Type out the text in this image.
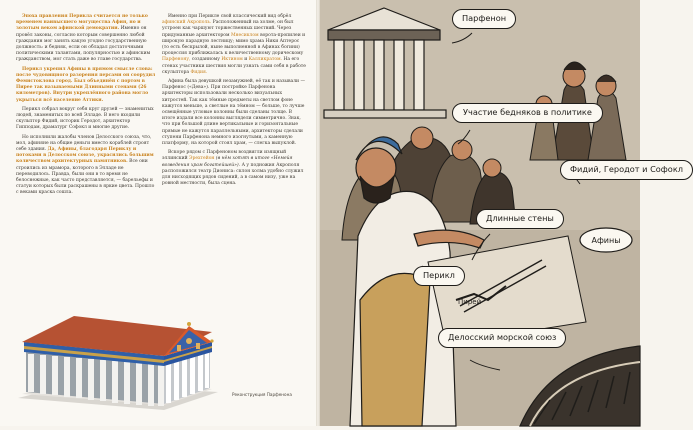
Эпоха правления Перикла считается не только временем наивысшего могущества Афин, но и золотым веком афинской демократии. Именно он провёл законы, согласно которым совершенно любой гражданин мог занять какую угодно государственную должность: и бедняк, если он обладал достаточными политическими талантами, популярностью и афинским гражданством, мог стать даже во главе государства.

Перикл укрепил Афины в прямом смысле слова: после чудовищного разорения персами он соорудил Фемистоклова город. Был объединён с портом в Пирее так называемыми Длинными стенами (26 километров). Внутри укреплённого района могло укрыться всё население Аттики.

Перикл собрал вокруг себя круг друзей — знаменитых людей, знаменитых по всей Элладе. В него входили скульптор Фидий, историк Геродот, архитектор Гипподам, драматург Софокл и многие другие.

Но исполнили жалобы членов Делосского союза, что, мол, афиняне на общие деньги вместо кораблей строят себе здания. Да, Афины, благодаря Периклу и потоками в Делосском союзе, украсились большим количеством архитектурных памятников. Все они строились из мрамора, которого в Элладе не переводилось. Правда, были они в то время не белоснежные, как часто представляется, — барельефы и статуи которых были раскрашены в яркие цвета. Прошло с веками краска сошла.

Именно при Перикле свой классический вид обрёл афинский Акрополь. Расположенный на холме, он был устроен как чаршуют торжественных шествий. Через придуманные архитектором Мнесиклом ворота-пропилеи и широкую парадную лестницу; мимо храма Ники Аптерос (то есть бескрылой, ныне выполненной в Афинах богини) процессия приближалась к величественному дорическому Парфенону, созданному Иктином и Калликратом. На его стенах участники шествия могли узнать сами себя в работе скульптора Фидия.

Афина была девушкой незамужней, её так и называли — Парфенос («Дева»). При постройке Парфенона архитекторы использовали несколько визуальных хитростей. Так как тёмные предметы на светлом фоне кажутся меньше, а светлые на тёмном — больше, то лучше освещённые угловые колонны были сделаны толще. В итоге издали все колонны выглядели симметрично. Знак, что при большой длине вертикальные и горизонтальные прямые не кажутся параллельными, архитекторы сделали ступени Парфенона немного изогнутыми, а каменную платформу, на которой стоял храм, — слегка выпуклой.

Вскоре рядом с Парфеноном воздвигли изящный эллинский Эрехтейон (в нём хотят в итоге «Немейя возведения храм богатейшей»). А у подножия Акрополя расположился театр Диониса: склон холма удобно служил для нисходящих рядов сидений, а в самом низу, уже на ровной местности, была сцена.

Реконструкция Парфенона
Пирей
Афины
Парфенон
Участие бедняков в политике
Фидий, Геродот и Софокл
Длинные стены
Перикл
Делосский морской союз
